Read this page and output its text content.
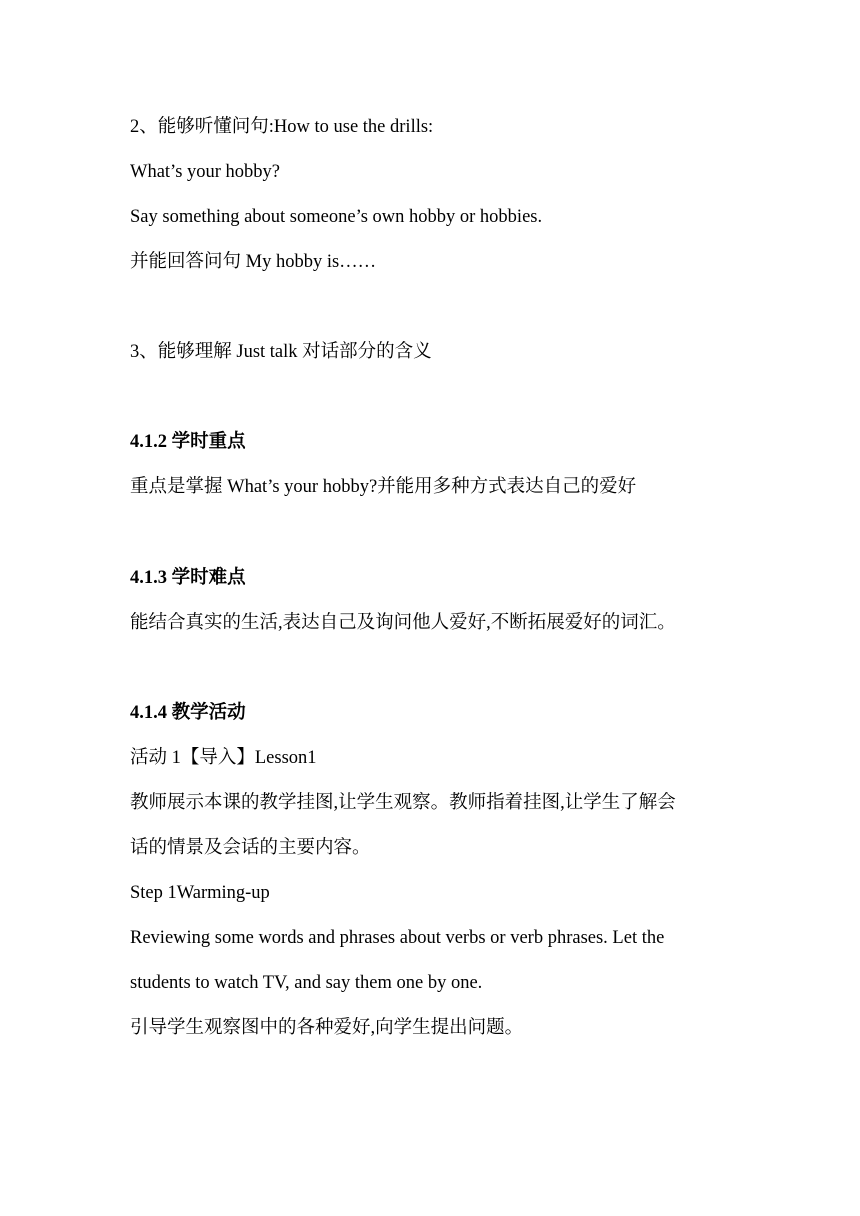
2、能够听懂问句:How to use the drills:
What’s your hobby?
Say something about someone’s own hobby or hobbies.
并能回答问句 My hobby is……
3、能够理解 Just talk 对话部分的含义
4.1.2 学时重点
重点是掌握 What’s your hobby?并能用多种方式表达自己的爱好
4.1.3 学时难点
能结合真实的生活,表达自己及询问他人爱好,不断拓展爱好的词汇。
4.1.4 教学活动
活动 1【导入】Lesson1
教师展示本课的教学挂图,让学生观察。教师指着挂图,让学生了解会
话的情景及会话的主要内容。
Step 1Warming-up
Reviewing some words and phrases about verbs or verb phrases. Let the
students to watch TV, and say them one by one.
引导学生观察图中的各种爱好,向学生提出问题。
